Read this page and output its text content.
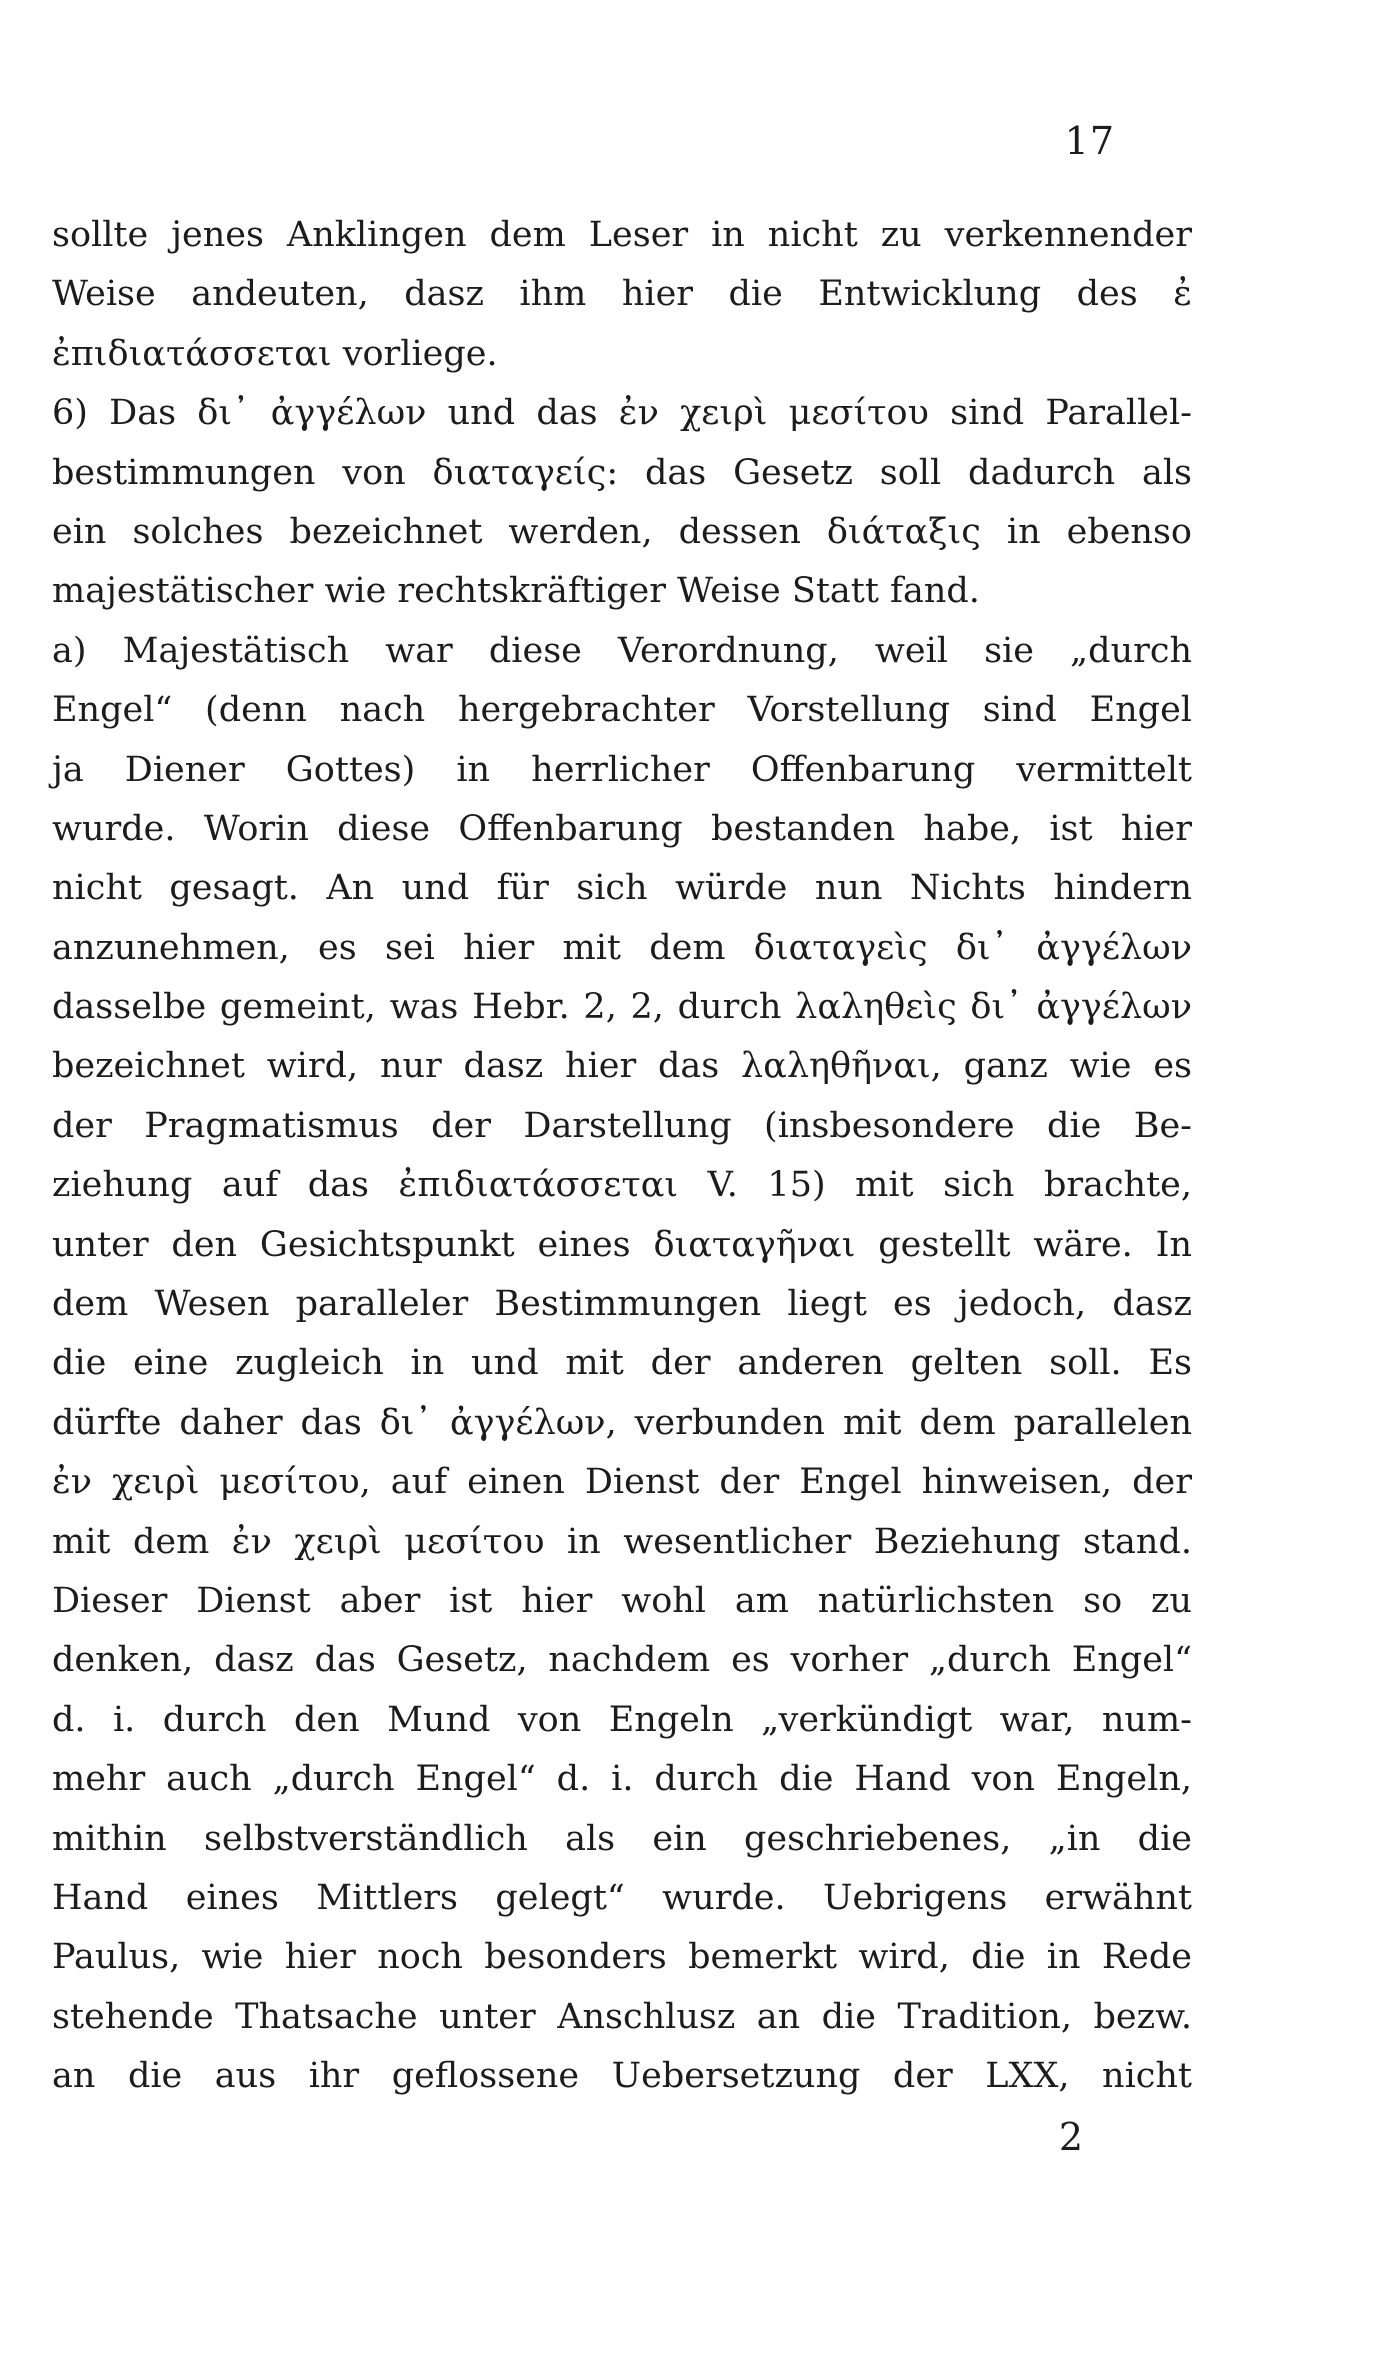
17
sollte jenes Anklingen dem Leser in nicht zu verkennender
Weise andeuten, dasz ihm hier die Entwicklung des ἐ
ἐπιδιατάσσεται vorliege.
6) Das δι᾽ ἀγγέλων und das ἐν χειρὶ μεσίτου sind Parallel-
bestimmungen von διαταγείς: das Gesetz soll dadurch als
ein solches bezeichnet werden, dessen διάταξις in ebenso
majestätischer wie rechtskräftiger Weise Statt fand.
a) Majestätisch war diese Verordnung, weil sie „durch
Engel“ (denn nach hergebrachter Vorstellung sind Engel
ja Diener Gottes) in herrlicher Offenbarung vermittelt
wurde. Worin diese Offenbarung bestanden habe, ist hier
nicht gesagt. An und für sich würde nun Nichts hindern
anzunehmen, es sei hier mit dem διαταγεὶς δι᾽ ἀγγέλων
dasselbe gemeint, was Hebr. 2, 2, durch λαληθεὶς δι᾽ ἀγγέλων
bezeichnet wird, nur dasz hier das λαληθῆναι, ganz wie es
der Pragmatismus der Darstellung (insbesondere die Be-
ziehung auf das ἐπιδιατάσσεται V. 15) mit sich brachte,
unter den Gesichtspunkt eines διαταγῆναι gestellt wäre. In
dem Wesen paralleler Bestimmungen liegt es jedoch, dasz
die eine zugleich in und mit der anderen gelten soll. Es
dürfte daher das δι᾽ ἀγγέλων, verbunden mit dem parallelen
ἐν χειρὶ μεσίτου, auf einen Dienst der Engel hinweisen, der
mit dem ἐν χειρὶ μεσίτου in wesentlicher Beziehung stand.
Dieser Dienst aber ist hier wohl am natürlichsten so zu
denken, dasz das Gesetz, nachdem es vorher „durch Engel“
d. i. durch den Mund von Engeln „verkündigt war, num-
mehr auch „durch Engel“ d. i. durch die Hand von Engeln,
mithin selbstverständlich als ein geschriebenes, „in die
Hand eines Mittlers gelegt“ wurde. Uebrigens erwähnt
Paulus, wie hier noch besonders bemerkt wird, die in Rede
stehende Thatsache unter Anschlusz an die Tradition, bezw.
an die aus ihr geflossene Uebersetzung der LXX, nicht
2
